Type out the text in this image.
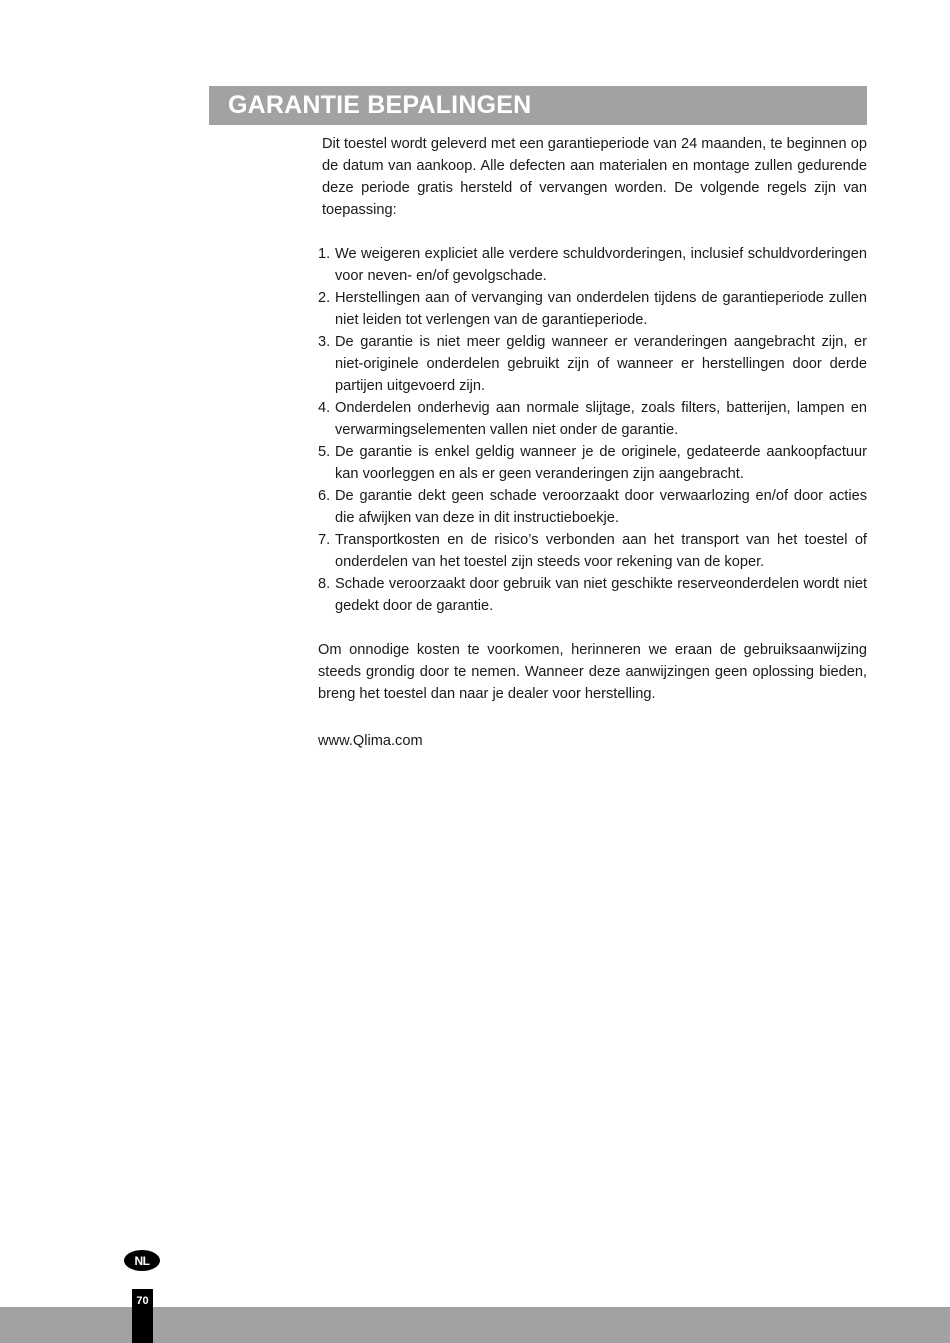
GARANTIE BEPALINGEN

Dit toestel wordt geleverd met een garantieperiode van 24 maanden, te beginnen op de datum van aankoop. Alle defecten aan materialen en montage zullen gedurende deze periode gratis hersteld of vervangen worden. De volgende regels zijn van toepassing:

1. We weigeren expliciet alle verdere schuldvorderingen, inclusief schuldvorderingen voor neven- en/of gevolgschade.
2. Herstellingen aan of vervanging van onderdelen tijdens de garantieperiode zullen niet leiden tot verlengen van de garantieperiode.
3. De garantie is niet meer geldig wanneer er veranderingen aangebracht zijn, er niet-originele onderdelen gebruikt zijn of wanneer er herstellingen door derde partijen uitgevoerd zijn.
4. Onderdelen onderhevig aan normale slijtage, zoals filters, batterijen, lampen en verwarmingselementen vallen niet onder de garantie.
5. De garantie is enkel geldig wanneer je de originele, gedateerde aankoopfactuur kan voorleggen en als er geen veranderingen zijn aangebracht.
6. De garantie dekt geen schade veroorzaakt door verwaarlozing en/of door acties die afwijken van deze in dit instructieboekje.
7. Transportkosten en de risico’s verbonden aan het transport van het toestel of onderdelen van het toestel zijn steeds voor rekening van de koper.
8. Schade veroorzaakt door gebruik van niet geschikte reserveonderdelen wordt niet gedekt door de garantie.

Om onnodige kosten te voorkomen, herinneren we eraan de gebruiksaanwijzing steeds grondig door te nemen. Wanneer deze aanwijzingen geen oplossing bieden, breng het toestel dan naar je dealer voor herstelling.

www.Qlima.com

NL
70
